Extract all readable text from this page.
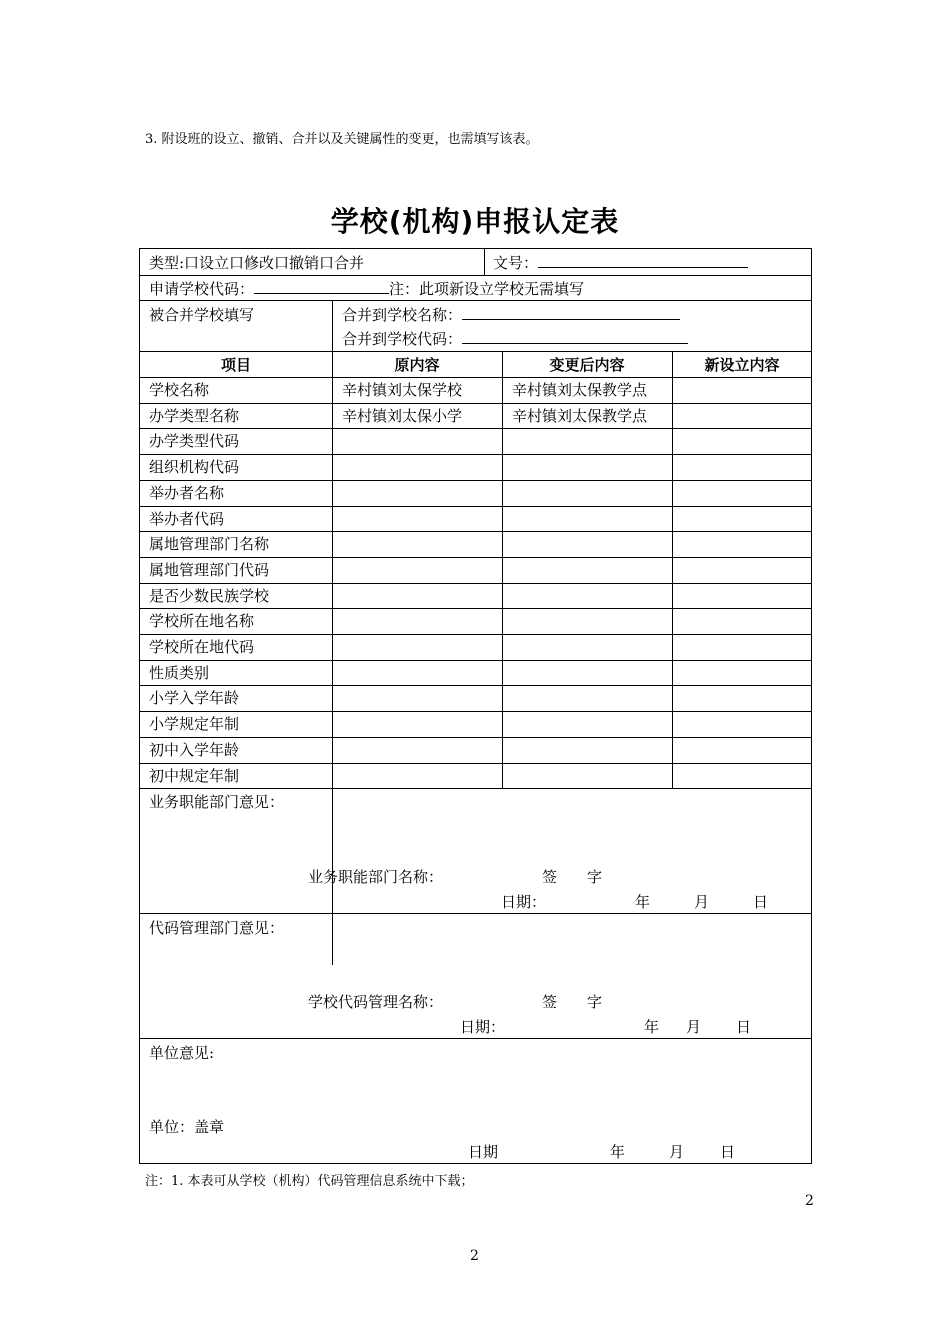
3. 附设班的设立、撤销、合并以及关键属性的变更，也需填写该表。
学校(机构)申报认定表
类型:口设立口修改口撤销口合并	文号：
申请学校代码：	注：此项新设立学校无需填写
被合并学校填写	合并到学校名称：
合并到学校代码：
项目	原内容	变更后内容	新设立内容
学校名称	辛村镇刘太保学校	辛村镇刘太保教学点
办学类型名称	辛村镇刘太保小学	辛村镇刘太保教学点
办学类型代码
组织机构代码
举办者名称
举办者代码
属地管理部门名称
属地管理部门代码
是否少数民族学校
学校所在地名称
学校所在地代码
性质类别
小学入学年龄
小学规定年制
初中入学年龄
初中规定年制
业务职能部门意见：
业务职能部门名称：	签　　字
日期：	年	月	日
代码管理部门意见：
学校代码管理名称：	签　　字
日期：	年 月 日
单位意见:
单位：盖章
日期	年	月 日
注：1. 本表可从学校（机构）代码管理信息系统中下载；
2
2
